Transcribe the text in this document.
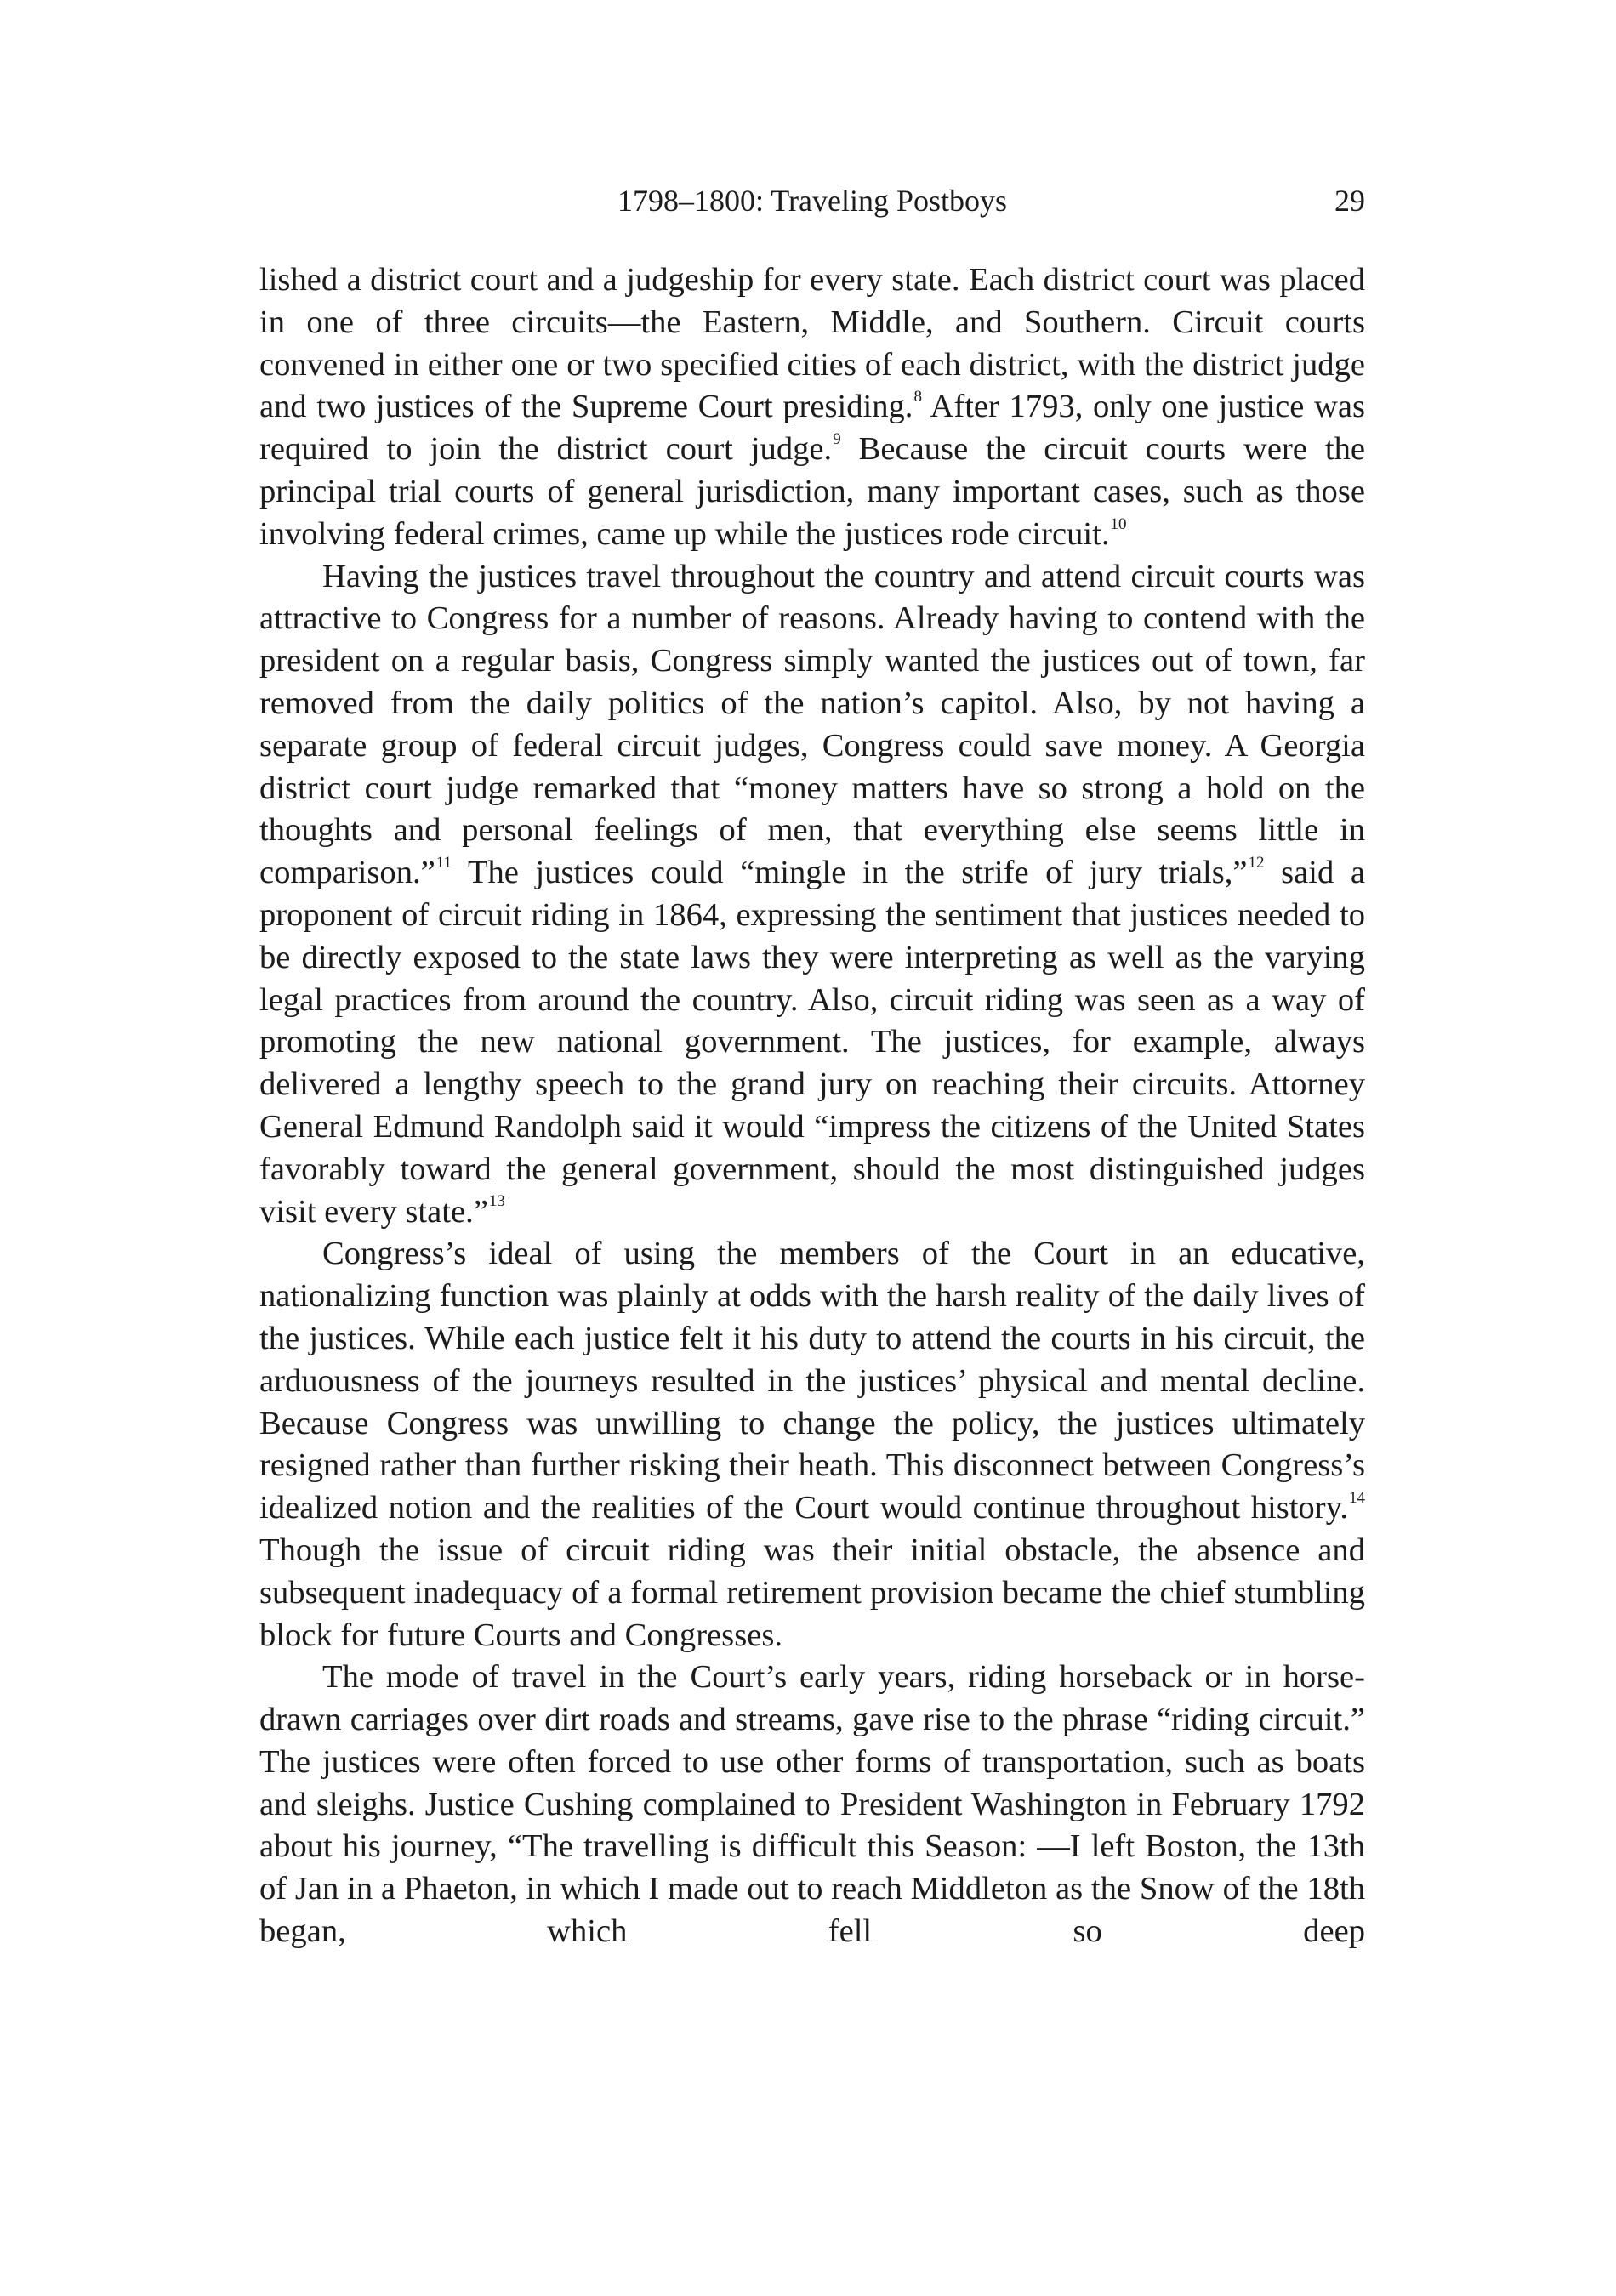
1798–1800: Traveling Postboys	29

lished a district court and a judgeship for every state. Each district court was placed in one of three circuits—the Eastern, Middle, and Southern. Circuit courts convened in either one or two specified cities of each district, with the district judge and two justices of the Supreme Court presiding.$^8$ After 1793, only one justice was required to join the district court judge.$^9$ Because the circuit courts were the principal trial courts of general jurisdiction, many important cases, such as those involving federal crimes, came up while the justices rode circuit.$^{10}$

Having the justices travel throughout the country and attend circuit courts was attractive to Congress for a number of reasons. Already having to contend with the president on a regular basis, Congress simply wanted the justices out of town, far removed from the daily politics of the nation’s capitol. Also, by not having a separate group of federal circuit judges, Congress could save money. A Georgia district court judge remarked that “money matters have so strong a hold on the thoughts and personal feelings of men, that everything else seems little in comparison.”$^{11}$ The justices could “mingle in the strife of jury trials,”$^{12}$ said a proponent of circuit riding in 1864, expressing the sentiment that justices needed to be directly exposed to the state laws they were interpreting as well as the varying legal practices from around the country. Also, circuit riding was seen as a way of promoting the new national government. The justices, for example, always delivered a lengthy speech to the grand jury on reaching their circuits. Attorney General Edmund Randolph said it would “impress the citizens of the United States favorably toward the general government, should the most distinguished judges visit every state.”$^{13}$

Congress’s ideal of using the members of the Court in an educative, nationalizing function was plainly at odds with the harsh reality of the daily lives of the justices. While each justice felt it his duty to attend the courts in his circuit, the arduousness of the journeys resulted in the justices’ physical and mental decline. Because Congress was unwilling to change the policy, the justices ultimately resigned rather than further risking their heath. This disconnect between Congress’s idealized notion and the realities of the Court would continue throughout history.$^{14}$ Though the issue of circuit riding was their initial obstacle, the absence and subsequent inadequacy of a formal retirement provision became the chief stumbling block for future Courts and Congresses.

The mode of travel in the Court’s early years, riding horseback or in horse-drawn carriages over dirt roads and streams, gave rise to the phrase “riding circuit.” The justices were often forced to use other forms of transportation, such as boats and sleighs. Justice Cushing complained to President Washington in February 1792 about his journey, “The travelling is difficult this Season: —I left Boston, the 13th of Jan in a Phaeton, in which I made out to reach Middleton as the Snow of the 18th began, which fell so deep
